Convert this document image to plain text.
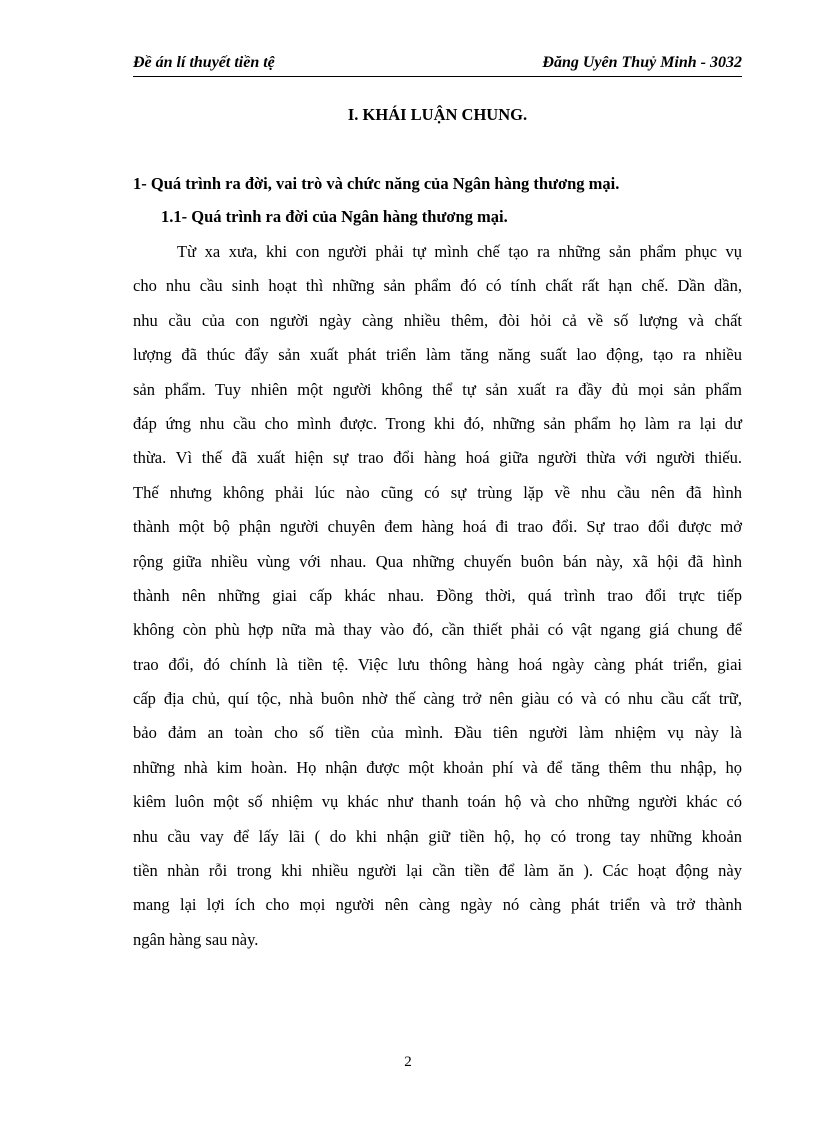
Đề án lí thuyết tiền tệ	Đăng Uyên Thuỷ Minh - 3032
I. KHÁI LUẬN CHUNG.
1- Quá trình ra đời, vai trò và chức năng của Ngân hàng thương mại.
1.1- Quá trình ra đời của Ngân hàng thương mại.
Từ xa xưa, khi con người phải tự mình chế tạo ra những sản phẩm phục vụ
cho nhu cầu sinh hoạt thì những sản phẩm đó có tính chất rất hạn chế. Dần dần,
nhu cầu của con người ngày càng nhiều thêm, đòi hỏi cả về số lượng và chất
lượng đã thúc đẩy sản xuất phát triển làm tăng năng suất lao động, tạo ra nhiều
sản phẩm. Tuy nhiên một người không thể tự sản xuất ra đầy đủ mọi sản phẩm
đáp ứng nhu cầu cho mình được. Trong khi đó, những sản phẩm họ làm ra lại dư
thừa. Vì thế đã xuất hiện sự trao đổi hàng hoá giữa người thừa với người thiếu.
Thế nhưng không phải lúc nào cũng có sự trùng lặp về nhu cầu nên đã hình
thành một bộ phận người chuyên đem hàng hoá đi trao đổi. Sự trao đổi được mở
rộng giữa nhiều vùng với nhau. Qua những chuyến buôn bán này, xã hội đã hình
thành nên những giai cấp khác nhau. Đồng thời, quá trình trao đổi trực tiếp
không còn phù hợp nữa mà thay vào đó, cần thiết phải có vật ngang giá chung để
trao đổi, đó chính là tiền tệ. Việc lưu thông hàng hoá ngày càng phát triển, giai
cấp địa chủ, quí tộc, nhà buôn nhờ thế càng trở nên giàu có và có nhu cầu cất trữ,
bảo đảm an toàn cho số tiền của mình. Đầu tiên người làm nhiệm vụ này là
những nhà kim hoàn. Họ nhận được một khoản phí và để tăng thêm thu nhập, họ
kiêm luôn một số nhiệm vụ khác như thanh toán hộ và cho những người khác có
nhu cầu vay để lấy lãi ( do khi nhận giữ tiền hộ, họ có trong tay những khoản
tiền nhàn rỗi trong khi nhiều người lại cần tiền để làm ăn ). Các hoạt động này
mang lại lợi ích cho mọi người nên càng ngày nó càng phát triển và trở thành
ngân hàng sau này.
2
